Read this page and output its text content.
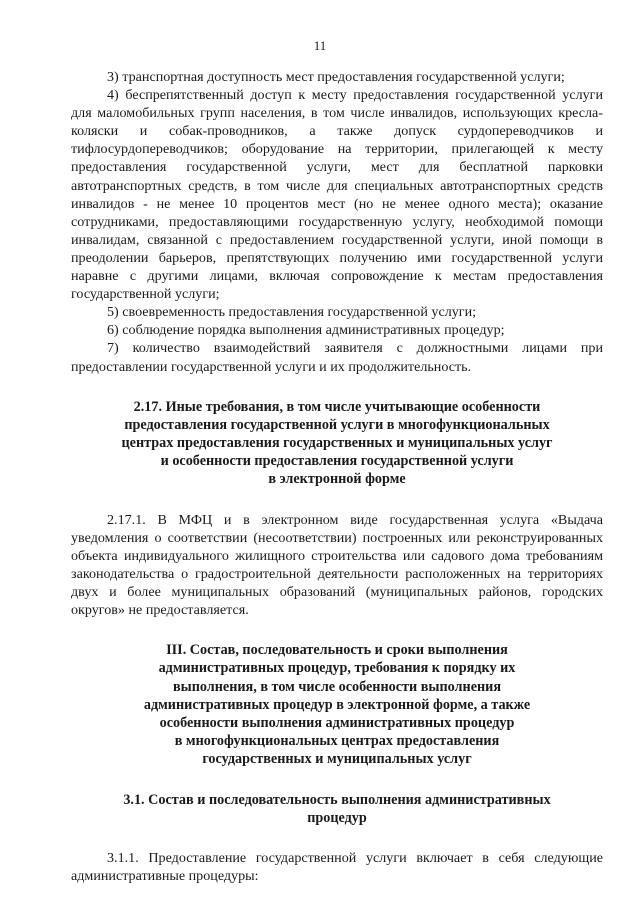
11

3) транспортная доступность мест предоставления государственной услуги;

4) беспрепятственный доступ к месту предоставления государственной услуги для маломобильных групп населения, в том числе инвалидов, использующих кресла-коляски и собак-проводников, а также допуск сурдопереводчиков и тифлосурдопереводчиков; оборудование на территории, прилегающей к месту предоставления государственной услуги, мест для бесплатной парковки автотранспортных средств, в том числе для специальных автотранспортных средств инвалидов - не менее 10 процентов мест (но не менее одного места); оказание сотрудниками, предоставляющими государственную услугу, необходимой помощи инвалидам, связанной с предоставлением государственной услуги, иной помощи в преодолении барьеров, препятствующих получению ими государственной услуги наравне с другими лицами, включая сопровождение к местам предоставления государственной услуги;

5) своевременность предоставления государственной услуги;

6) соблюдение порядка выполнения административных процедур;

7) количество взаимодействий заявителя с должностными лицами при предоставлении государственной услуги и их продолжительность.

2.17. Иные требования, в том числе учитывающие особенности
предоставления государственной услуги в многофункциональных
центрах предоставления государственных и муниципальных услуг
и особенности предоставления государственной услуги
в электронной форме

2.17.1. В МФЦ и в электронном виде государственная услуга «Выдача уведомления о соответствии (несоответствии) построенных или реконструированных объекта индивидуального жилищного строительства или садового дома требованиям законодательства о градостроительной деятельности расположенных на территориях двух и более муниципальных образований (муниципальных районов, городских округов» не предоставляется.

III. Состав, последовательность и сроки выполнения
административных процедур, требования к порядку их
выполнения, в том числе особенности выполнения
административных процедур в электронной форме, а также
особенности выполнения административных процедур
в многофункциональных центрах предоставления
государственных и муниципальных услуг
3.1. Состав и последовательность выполнения административных
процедур

3.1.1. Предоставление государственной услуги включает в себя следующие административные процедуры:
